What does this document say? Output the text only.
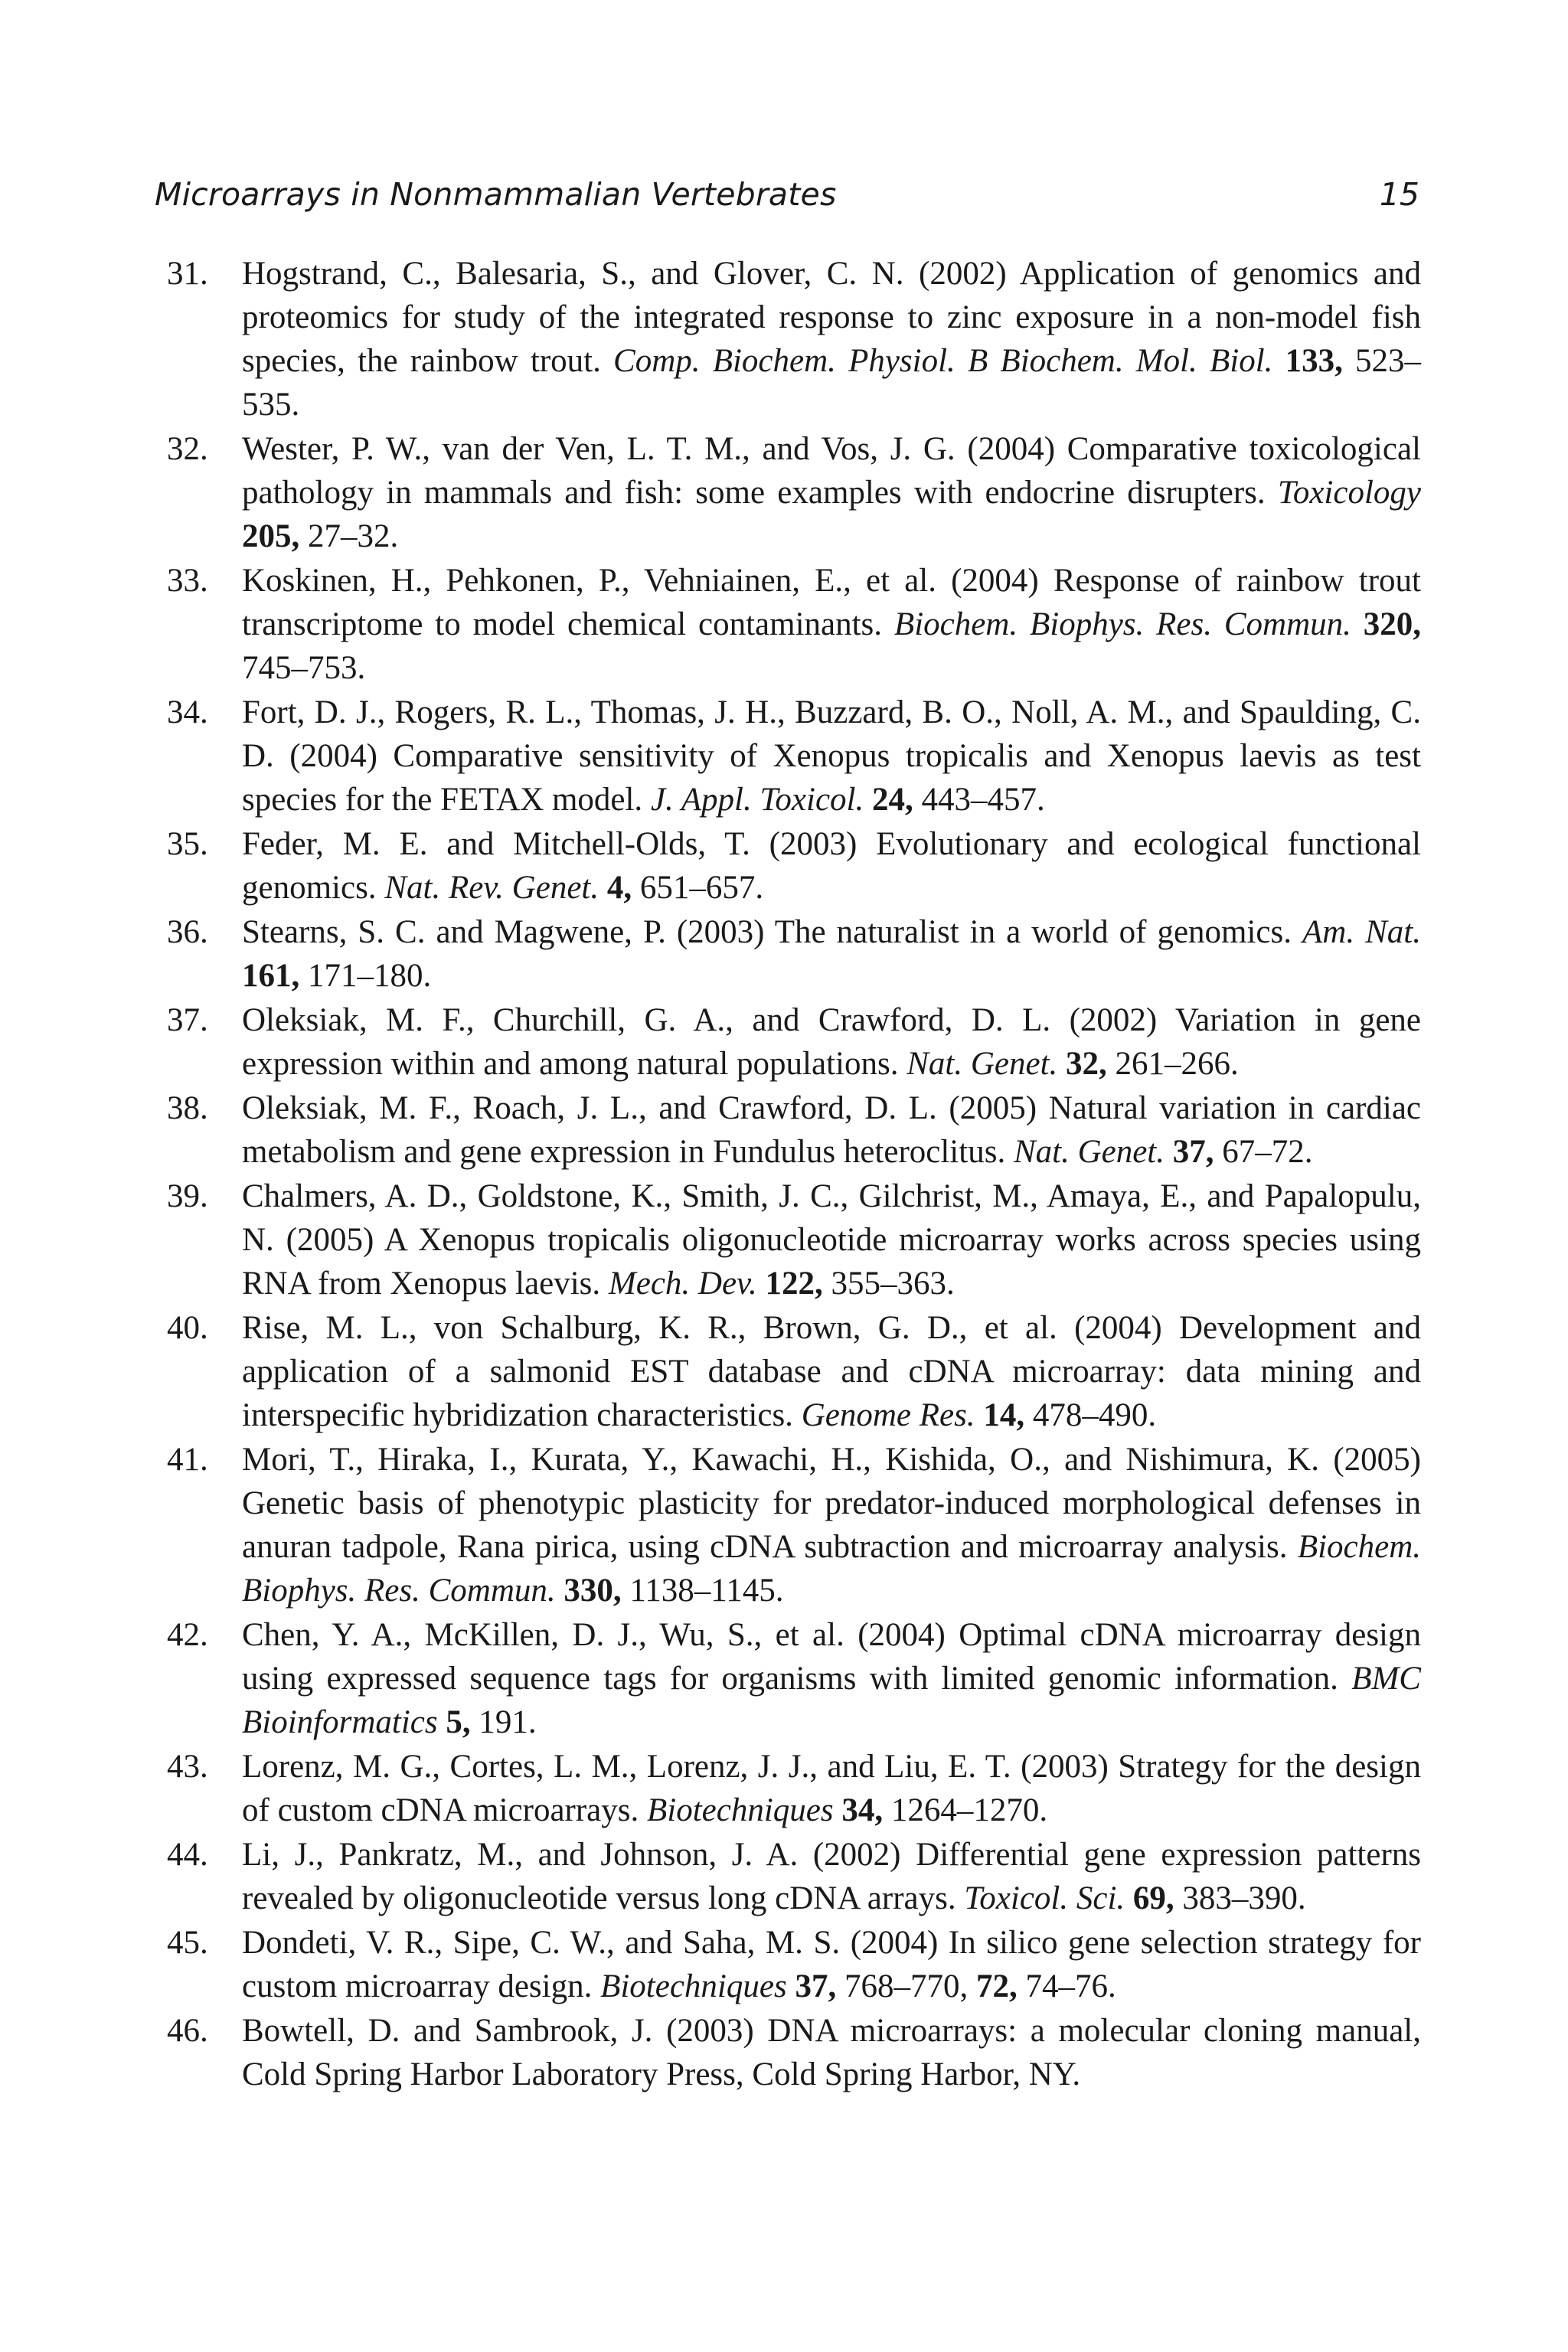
Microarrays in Nonmammalian Vertebrates	15
31. Hogstrand, C., Balesaria, S., and Glover, C. N. (2002) Application of genomics and proteomics for study of the integrated response to zinc exposure in a non-model fish species, the rainbow trout. Comp. Biochem. Physiol. B Biochem. Mol. Biol. 133, 523–535.
32. Wester, P. W., van der Ven, L. T. M., and Vos, J. G. (2004) Comparative toxicological pathology in mammals and fish: some examples with endocrine disrupters. Toxicology 205, 27–32.
33. Koskinen, H., Pehkonen, P., Vehniainen, E., et al. (2004) Response of rainbow trout transcriptome to model chemical contaminants. Biochem. Biophys. Res. Commun. 320, 745–753.
34. Fort, D. J., Rogers, R. L., Thomas, J. H., Buzzard, B. O., Noll, A. M., and Spaulding, C. D. (2004) Comparative sensitivity of Xenopus tropicalis and Xenopus laevis as test species for the FETAX model. J. Appl. Toxicol. 24, 443–457.
35. Feder, M. E. and Mitchell-Olds, T. (2003) Evolutionary and ecological functional genomics. Nat. Rev. Genet. 4, 651–657.
36. Stearns, S. C. and Magwene, P. (2003) The naturalist in a world of genomics. Am. Nat. 161, 171–180.
37. Oleksiak, M. F., Churchill, G. A., and Crawford, D. L. (2002) Variation in gene expression within and among natural populations. Nat. Genet. 32, 261–266.
38. Oleksiak, M. F., Roach, J. L., and Crawford, D. L. (2005) Natural variation in cardiac metabolism and gene expression in Fundulus heteroclitus. Nat. Genet. 37, 67–72.
39. Chalmers, A. D., Goldstone, K., Smith, J. C., Gilchrist, M., Amaya, E., and Papalopulu, N. (2005) A Xenopus tropicalis oligonucleotide microarray works across species using RNA from Xenopus laevis. Mech. Dev. 122, 355–363.
40. Rise, M. L., von Schalburg, K. R., Brown, G. D., et al. (2004) Development and application of a salmonid EST database and cDNA microarray: data mining and interspecific hybridization characteristics. Genome Res. 14, 478–490.
41. Mori, T., Hiraka, I., Kurata, Y., Kawachi, H., Kishida, O., and Nishimura, K. (2005) Genetic basis of phenotypic plasticity for predator-induced morphological defenses in anuran tadpole, Rana pirica, using cDNA subtraction and microarray analysis. Biochem. Biophys. Res. Commun. 330, 1138–1145.
42. Chen, Y. A., McKillen, D. J., Wu, S., et al. (2004) Optimal cDNA microarray design using expressed sequence tags for organisms with limited genomic information. BMC Bioinformatics 5, 191.
43. Lorenz, M. G., Cortes, L. M., Lorenz, J. J., and Liu, E. T. (2003) Strategy for the design of custom cDNA microarrays. Biotechniques 34, 1264–1270.
44. Li, J., Pankratz, M., and Johnson, J. A. (2002) Differential gene expression patterns revealed by oligonucleotide versus long cDNA arrays. Toxicol. Sci. 69, 383–390.
45. Dondeti, V. R., Sipe, C. W., and Saha, M. S. (2004) In silico gene selection strategy for custom microarray design. Biotechniques 37, 768–770, 72, 74–76.
46. Bowtell, D. and Sambrook, J. (2003) DNA microarrays: a molecular cloning manual, Cold Spring Harbor Laboratory Press, Cold Spring Harbor, NY.
